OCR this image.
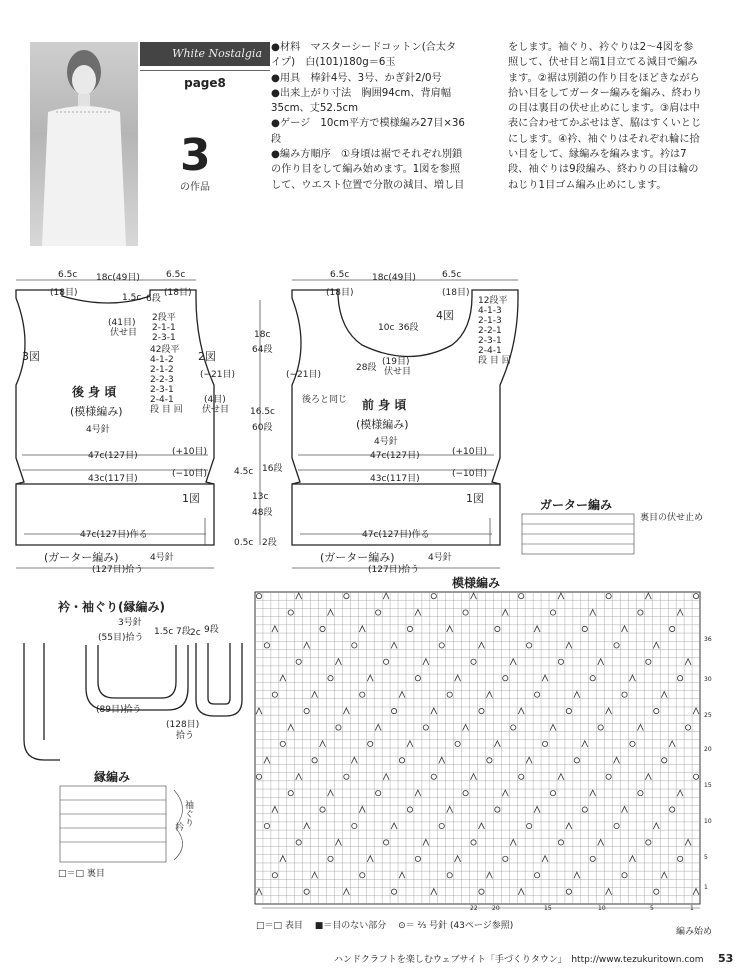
White Nostalgia
page8
3
の作品

●材料　マスターシードコットン(合太タ

イプ)　白(101)180g＝6玉

●用具　棒針4号、3号、かぎ針2/0号

●出来上がり寸法　胸囲94cm、背肩幅

35cm、丈52.5cm

●ゲージ　10cm平方で模様編み27目×36

段

●編み方順序　①身頃は裾でそれぞれ別鎖

の作り目をして編み始めます。1図を参照

して、ウエスト位置で分散の減目、増し目

をします。袖ぐり、衿ぐりは2～4図を参

照して、伏せ目と端1目立てる減目で編み

ます。②裾は別鎖の作り目をほどきながら

拾い目をしてガーター編みを編み、終わり

の目は裏目の伏せ止めにします。③肩は中

表に合わせてかぶせはぎ、脇はすくいとじ

にします。④衿、袖ぐりはそれぞれ輪に拾

い目をして、縁編みを編みます。衿は7

段、袖ぐりは9段編み、終わりの目は輪の

ねじり1目ゴム編み止めにします。

3図	2図
6.5c
(18目)
18c(49目)	6.5c
(18目)
1.5c 6段
(41目)
伏せ目
2段平
2-1-1
2-3-1
42段平
4-1-2
2-1-2
2-2-3
2-3-1
2-4-1
段 目 回
(−21目)
(4目)
伏せ目
後 身 頃
(模様編み)
4号針
47c(127目)	(+10目)
43c(117目)	(−10目)
1図
47c(127目)作る
(ガーター編み)	4号針
(127目)拾う
18c
64段
16.5c
60段
4.5c 16段
13c
48段
0.5c 2段
6.5c
(18目)
18c(49目)	6.5c
(18目)
4図
10c 36段
12段平
4-1-3
2-1-3
2-2-1
2-3-1
2-4-1
段 目 回
(19目)
伏せ目
(−21目)
28段
後ろと同じ 前 身 頃
(模様編み)
4号針
47c(127目)	(+10目)
43c(117目)	(−10目)
1図
47c(127目)作る
(ガーター編み)	4号針
(127目)拾う
ガーター編み
裏目の伏せ止め
衿・袖ぐり(縁編み)
3号針
1.5c 7段 2c 9段
(55目)拾う
(89目)拾う
(128目)
拾う
縁編み
袖ぐり
衿
□＝□ 裏目
模様編み
36
30
25
20
15
10
5
1
22 20	15	10	5	1
編み始め
□＝□ 表目　 ■＝目のない部分　 ⊙＝ ⅔ 号針 (43ページ参照)
ハンドクラフトを楽しむウェブサイト「手づくりタウン」　http://www.tezukuritown.com 53
